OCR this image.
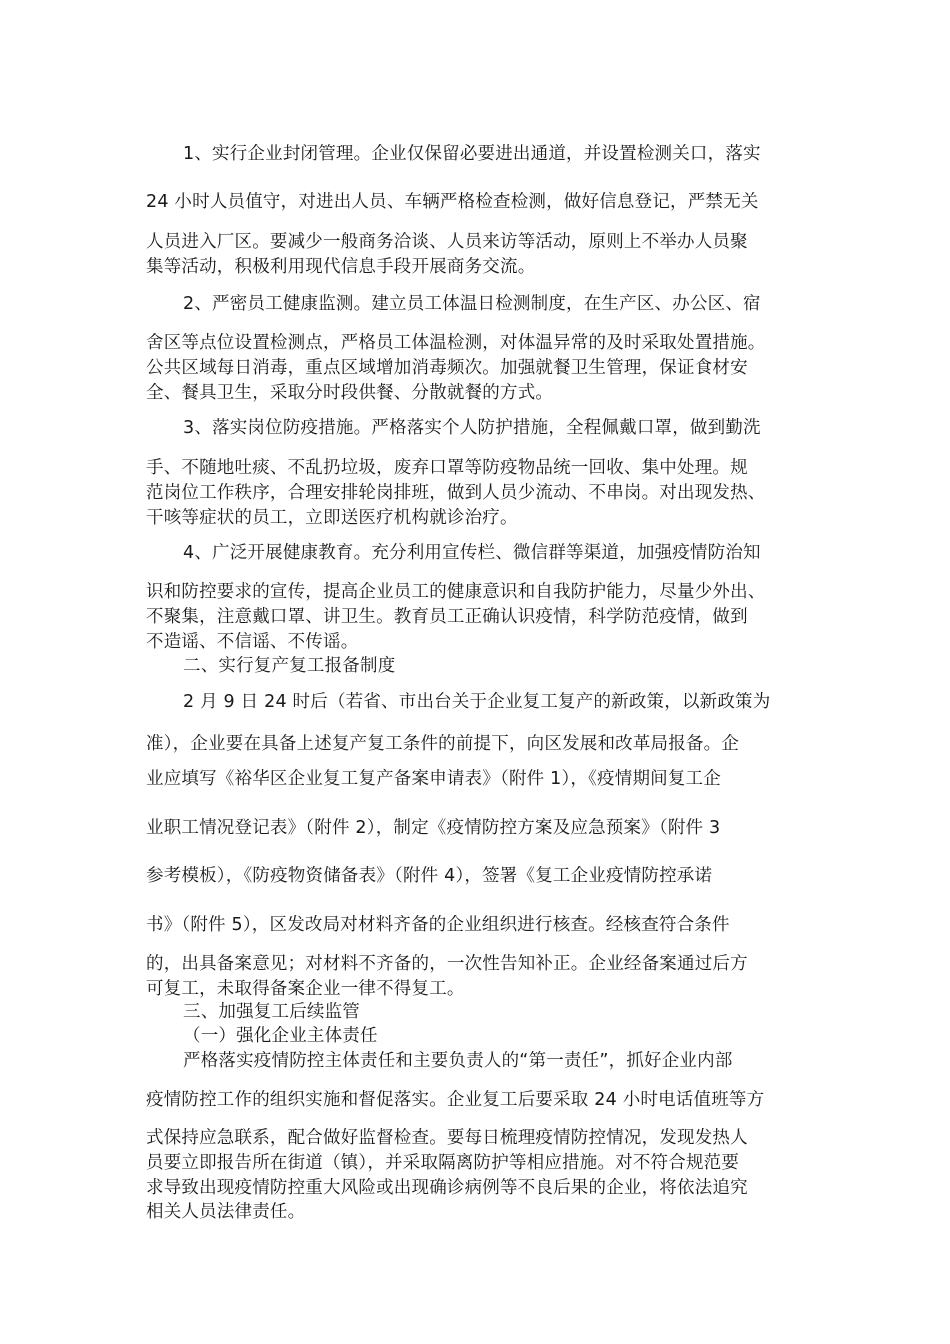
1、实行企业封闭管理。企业仅保留必要进出通道，并设置检测关口，落实
24 小时人员值守，对进出人员、车辆严格检查检测，做好信息登记，严禁无关
人员进入厂区。要减少一般商务洽谈、人员来访等活动，原则上不举办人员聚
集等活动，积极利用现代信息手段开展商务交流。
2、严密员工健康监测。建立员工体温日检测制度，在生产区、办公区、宿
舍区等点位设置检测点，严格员工体温检测，对体温异常的及时采取处置措施。
公共区域每日消毒，重点区域增加消毒频次。加强就餐卫生管理，保证食材安
全、餐具卫生，采取分时段供餐、分散就餐的方式。
3、落实岗位防疫措施。严格落实个人防护措施，全程佩戴口罩，做到勤洗
手、不随地吐痰、不乱扔垃圾，废弃口罩等防疫物品统一回收、集中处理。规
范岗位工作秩序，合理安排轮岗排班，做到人员少流动、不串岗。对出现发热、
干咳等症状的员工，立即送医疗机构就诊治疗。
4、广泛开展健康教育。充分利用宣传栏、微信群等渠道，加强疫情防治知
识和防控要求的宣传，提高企业员工的健康意识和自我防护能力，尽量少外出、
不聚集，注意戴口罩、讲卫生。教育员工正确认识疫情，科学防范疫情，做到
不造谣、不信谣、不传谣。
二、实行复产复工报备制度
2 月 9 日 24 时后（若省、市出台关于企业复工复产的新政策，以新政策为
准），企业要在具备上述复产复工条件的前提下，向区发展和改革局报备。企
业应填写《裕华区企业复工复产备案申请表》（附件 1），《疫情期间复工企
业职工情况登记表》（附件 2），制定《疫情防控方案及应急预案》（附件 3
参考模板），《防疫物资储备表》（附件 4），签署《复工企业疫情防控承诺
书》（附件 5），区发改局对材料齐备的企业组织进行核查。经核查符合条件
的，出具备案意见；对材料不齐备的，一次性告知补正。企业经备案通过后方
可复工，未取得备案企业一律不得复工。
三、加强复工后续监管
（一）强化企业主体责任
严格落实疫情防控主体责任和主要负责人的“第一责任”，抓好企业内部
疫情防控工作的组织实施和督促落实。企业复工后要采取 24 小时电话值班等方
式保持应急联系，配合做好监督检查。要每日梳理疫情防控情况，发现发热人
员要立即报告所在街道（镇），并采取隔离防护等相应措施。对不符合规范要
求导致出现疫情防控重大风险或出现确诊病例等不良后果的企业，将依法追究
相关人员法律责任。
